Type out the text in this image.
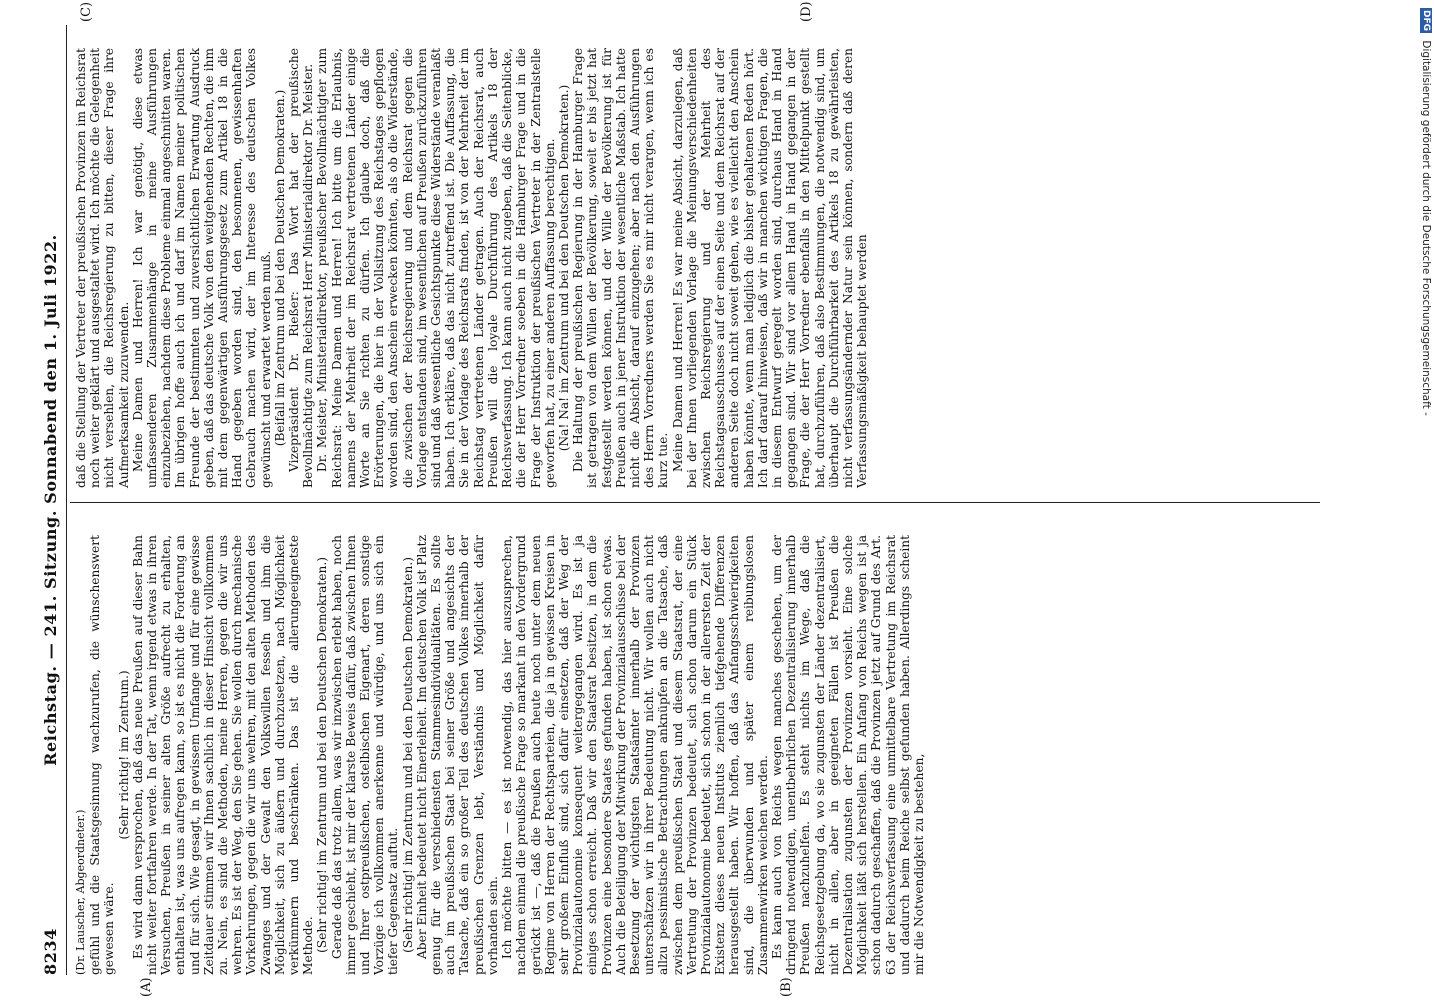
8234
Reichstag. — 241. Sitzung. Sonnabend den 1. Juli 1922.
(A)	(B)
(C)	(D)

(Dr. Lauscher, Abgeordneter.) gefühl und die Staatsgesinnung wachzurufen, die wünschenswert gewesen wäre.

(Sehr richtig! im Zentrum.) Es wird dann versprochen, daß das neue Preußen auf dieser Bahn nicht weiter fortfahren werde. In der Tat, wenn irgend etwas in ihren Versuchen, Preußen in seiner alten Größe aufrecht zu erhalten, enthalten ist, was uns aufregen kann, so ist es nicht die Forderung an und für sich. Wie gesagt, in gewissem Umfange und für eine gewisse Zeitdauer stimmen wir Ihnen sachlich in dieser Hinsicht vollkommen zu. Nein, es sind die Methoden, meine Herren, gegen die wir uns wehren. Es ist der Weg, den Sie gehen. Sie wollen durch mechanische Vorkehrungen, gegen die wir uns wehren, mit den alten Methoden des Zwanges und der Gewalt den Volkswillen fesseln und ihm die Möglichkeit, sich zu äußern und durchzusetzen, nach Möglichkeit verkümmern und beschränken. Das ist die allerungeeignetste Methode. (Sehr richtig! im Zentrum und bei den Deutschen Demokraten.) Gerade daß das trotz allem, was wir inzwischen erlebt haben, noch immer geschieht, ist mir der klarste Beweis dafür, daß zwischen Ihnen und Ihrer ostpreußischen, ostelbischen Eigenart, deren sonstige Vorzüge ich vollkommen anerkenne und würdige, und uns sich ein tiefer Gegensatz auftut. (Sehr richtig! im Zentrum und bei den Deutschen Demokraten.) Aber Einheit bedeutet nicht Einerleiheit. Im deutschen Volk ist Platz genug für die verschiedensten Stammesindividualitäten. Es sollte auch im preußischen Staat bei seiner Größe und angesichts der Tatsache, daß ein so großer Teil des deutschen Volkes innerhalb der preußischen Grenzen lebt, Verständnis und Möglichkeit dafür vorhanden sein. Ich möchte bitten — es ist notwendig, das hier auszusprechen, nachdem einmal die preußische Frage so markant in den Vordergrund gerückt ist —, daß die Preußen auch heute noch unter dem neuen Regime von Herren der Rechtsparteien, die ja in gewissen Kreisen in sehr großem Einfluß sind, sich dafür einsetzen, daß der Weg der Provinzialautonomie konsequent weitergegangen wird. Es ist ja einiges schon erreicht. Daß wir den Staatsrat besitzen, in dem die Provinzen eine besondere Staates gefunden haben, ist schon etwas. Auch die Beteiligung der Mitwirkung der Provinzialausschüsse bei der Besetzung der wichtigsten Staatsämter innerhalb der Provinzen unterschätzen wir in ihrer Bedeutung nicht. Wir wollen auch nicht allzu pessimistische Betrachtungen anknüpfen an die Tatsache, daß zwischen dem preußischen Staat und diesem Staatsrat, der eine Vertretung der Provinzen bedeutet, sich schon darum ein Stück Provinzialautonomie bedeutet, sich schon in der allerersten Zeit der Existenz dieses neuen Instituts ziemlich tiefgehende Differenzen herausgestellt haben. Wir hoffen, daß das Anfangsschwierigkeiten sind, die überwunden und später einem reibungslosen Zusammenwirken weichen werden. Es kann auch von Reichs wegen manches geschehen, um der dringend notwendigen, unentbehrlichen Dezentralisierung innerhalb Preußen nachzuhelfen. Es steht nichts im Wege, daß die Reichsgesetzgebung da, wo sie zugunsten der Länder dezentralisiert, nicht in allen, aber in geeigneten Fällen ist Preußen die Dezentralisation zugunsten der Provinzen vorsieht. Eine solche Möglichkeit läßt sich herstellen. Ein Anfang von Reichs wegen ist ja schon dadurch geschaffen, daß die Provinzen jetzt auf Grund des Art. 63 der Reichsverfassung eine unmittelbare Vertretung im Reichsrat und dadurch beim Reiche selbst gefunden haben. Allerdings scheint mir die Notwendigkeit zu bestehen,

daß die Stellung der Vertreter der preußischen Provinzen im Reichsrat noch weiter geklärt und ausgestaltet wird. Ich möchte die Gelegenheit nicht versehlen, die Reichsregierung zu bitten, dieser Frage ihre Aufmerksamkeit zuzuwenden. Meine Damen und Herren! Ich war genötigt, diese etwas umfassenderen Zusammenhänge in meine Ausführungen einzubeziehen, nachdem diese Probleme einmal angeschnitten waren. Im übrigen hoffe auch ich und darf im Namen meiner politischen Freunde der bestimmten und zuversichtlichen Erwartung Ausdruck geben, daß das deutsche Volk von den weitgehenden Rechten, die ihm mit dem gegenwärtigen Ausführungsgesetz zum Artikel 18 in die Hand gegeben worden sind, den besonnenen, gewissenhaften Gebrauch machen wird, der im Interesse des deutschen Volkes gewünscht und erwartet werden muß. (Beifall im Zentrum und bei den Deutschen Demokraten.) Vizepräsident Dr. Rießer: Das Wort hat der preußische Bevollmächtigte zum Reichsrat Herr Ministerialdirektor Dr. Meister. Dr. Meister, Ministerialdirektor, preußischer Bevollmächtigter zum Reichsrat: Meine Damen und Herren! Ich bitte um die Erlaubnis, namens der Mehrheit der im Reichsrat vertretenen Länder einige Worte an Sie richten zu dürfen. Ich glaube doch, daß die Erörterungen, die hier in der Vollsitzung des Reichstages gepflogen worden sind, den Anschein erwecken könnten, als ob die Widerstände, die zwischen der Reichsregierung und dem Reichsrat gegen die Vorlage entstanden sind, im wesentlichen auf Preußen zurückzuführen sind und daß wesentliche Gesichtspunkte diese Widerstände veranlaßt haben. Ich erkläre, daß das nicht zutreffend ist. Die Auffassung, die Sie in der Vorlage des Reichsrats finden, ist von der Mehrheit der im Reichstag vertretenen Länder getragen. Auch der Reichsrat, auch Preußen will die loyale Durchführung des Artikels 18 der Reichsverfassung. Ich kann auch nicht zugeben, daß die Seitenblicke, die der Herr Vorredner soeben in die Hamburger Frage und in die Frage der Instruktion der preußischen Vertreter in der Zentralstelle geworfen hat, zu einer anderen Auffassung berechtigen. (Na! Na! im Zentrum und bei den Deutschen Demokraten.) Die Haltung der preußischen Regierung in der Hamburger Frage ist getragen von dem Willen der Bevölkerung, soweit er bis jetzt hat festgestellt werden können, und der Wille der Bevölkerung ist für Preußen auch in jener Instruktion der wesentliche Maßstab. Ich hatte nicht die Absicht, darauf einzugehen; aber nach den Ausführungen des Herrn Vorredners werden Sie es mir nicht verargen, wenn ich es kurz tue. Meine Damen und Herren! Es war meine Absicht, darzulegen, daß bei der Ihnen vorliegenden Vorlage die Meinungsverschiedenheiten zwischen Reichsregierung und der Mehrheit des Reichstagsausschusses auf der einen Seite und dem Reichsrat auf der anderen Seite doch nicht soweit gehen, wie es vielleicht den Anschein haben könnte, wenn man lediglich die bisher gehaltenen Reden hört. Ich darf darauf hinweisen, daß wir in manchen wichtigen Fragen, die in diesem Entwurf geregelt worden sind, durchaus Hand in Hand gegangen sind. Wir sind vor allem Hand in Hand gegangen in der Frage, die der Herr Vorredner ebenfalls in den Mittelpunkt gestellt hat, durchzuführen, daß also Bestimmungen, die notwendig sind, um überhaupt die Durchführbarkeit des Artikels 18 zu gewährleisten, nicht verfassungsändernder Natur sein können, sondern daß deren Verfassungsmäßigkeit behauptet werden

DFG Digitalisierung gefördert durch die Deutsche Forschungsgemeinschaft -
